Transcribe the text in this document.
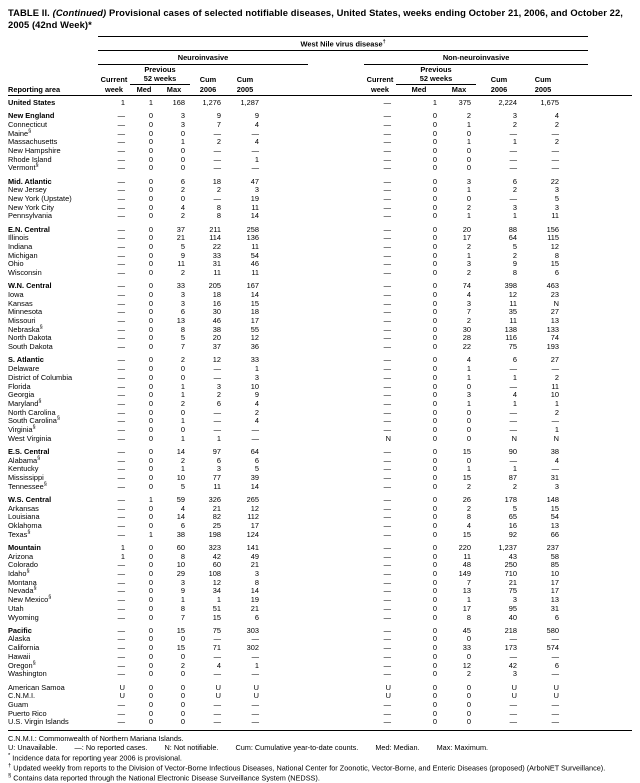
TABLE II. (Continued) Provisional cases of selected notifiable diseases, United States, weeks ending October 21, 2006, and October 22, 2005 (42nd Week)*
	West Nile virus disease†	
	Neuroinvasive							Non-neuroinvasive						
		Previous							Previous					
	Current	52 weeks		Cum	Cum			Current	52 weeks		Cum	Cum		
Reporting area	week	Med	Max	2006	2005			week	Med	Max	2006	2005		
United States	1	1	168	1,276	1,287			—	1	375	2,224	1,675		
New England	—	0	3	9	9			—	0	2	3	4		
Connecticut	—	0	3	7	4			—	0	1	2	2		
Maine§	—	0	0	—	—			—	0	0	—	—		
Massachusetts	—	0	1	2	4			—	0	1	1	2		
New Hampshire	—	0	0	—	—			—	0	0	—	—		
Rhode Island	—	0	0	—	1			—	0	0	—	—		
Vermont§	—	0	0	—	—			—	0	0	—	—		
Mid. Atlantic	—	0	6	18	47			—	0	3	6	22		
New Jersey	—	0	2	2	3			—	0	1	2	3		
New York (Upstate)	—	0	0	—	19			—	0	0	—	5		
New York City	—	0	4	8	11			—	0	2	3	3		
Pennsylvania	—	0	2	8	14			—	0	1	1	11		
E.N. Central	—	0	37	211	258			—	0	20	88	156		
Illinois	—	0	21	114	136			—	0	17	64	115		
Indiana	—	0	5	22	11			—	0	2	5	12		
Michigan	—	0	9	33	54			—	0	1	2	8		
Ohio	—	0	11	31	46			—	0	3	9	15		
Wisconsin	—	0	2	11	11			—	0	2	8	6		
W.N. Central	—	0	33	205	167			—	0	74	398	463		
Iowa	—	0	3	18	14			—	0	4	12	23		
Kansas	—	0	3	16	15			—	0	3	11	N		
Minnesota	—	0	6	30	18			—	0	7	35	27		
Missouri	—	0	13	46	17			—	0	2	11	13		
Nebraska§	—	0	8	38	55			—	0	30	138	133		
North Dakota	—	0	5	20	12			—	0	28	116	74		
South Dakota	—	0	7	37	36			—	0	22	75	193		
S. Atlantic	—	0	2	12	33			—	0	4	6	27		
Delaware	—	0	0	—	1			—	0	1	—	—		
District of Columbia	—	0	0	—	3			—	0	1	1	2		
Florida	—	0	1	3	10			—	0	0	—	11		
Georgia	—	0	1	2	9			—	0	3	4	10		
Maryland§	—	0	2	6	4			—	0	1	1	1		
North Carolina	—	0	0	—	2			—	0	0	—	2		
South Carolina§	—	0	1	—	4			—	0	0	—	—		
Virginia§	—	0	0	—	—			—	0	0	—	1		
West Virginia	—	0	1	1	—			N	0	0	N	N		
E.S. Central	—	0	14	97	64			—	0	15	90	38		
Alabama§	—	0	2	6	6			—	0	0	—	4		
Kentucky	—	0	1	3	5			—	0	1	1	—		
Mississippi	—	0	10	77	39			—	0	15	87	31		
Tennessee§	—	0	5	11	14			—	0	2	2	3		
W.S. Central	—	1	59	326	265			—	0	26	178	148		
Arkansas	—	0	4	21	12			—	0	2	5	15		
Louisiana	—	0	14	82	112			—	0	8	65	54		
Oklahoma	—	0	6	25	17			—	0	4	16	13		
Texas§	—	1	38	198	124			—	0	15	92	66		
Mountain	1	0	60	323	141			—	0	220	1,237	237		
Arizona	1	0	8	42	49			—	0	11	43	58		
Colorado	—	0	10	60	21			—	0	48	250	85		
Idaho§	—	0	29	108	3			—	0	149	710	10		
Montana	—	0	3	12	8			—	0	7	21	17		
Nevada§	—	0	9	34	14			—	0	13	75	17		
New Mexico§	—	0	1	1	19			—	0	1	3	13		
Utah	—	0	8	51	21			—	0	17	95	31		
Wyoming	—	0	7	15	6			—	0	8	40	6		
Pacific	—	0	15	75	303			—	0	45	218	580		
Alaska	—	0	0	—	—			—	0	0	—	—		
California	—	0	15	71	302			—	0	33	173	574		
Hawaii	—	0	0	—	—			—	0	0	—	—		
Oregon§	—	0	2	4	1			—	0	12	42	6		
Washington	—	0	0	—	—			—	0	2	3	—		
American Samoa	U	0	0	U	U			U	0	0	U	U		
C.N.M.I.	U	0	0	U	U			U	0	0	U	U		
Guam	—	0	0	—	—			—	0	0	—	—		
Puerto Rico	—	0	0	—	—			—	0	0	—	—		
U.S. Virgin Islands	—	0	0	—	—			—	0	0	—	—		

C.N.M.I.: Commonwealth of Northern Mariana Islands.

U: Unavailable. —: No reported cases. N: Not notifiable. Cum: Cumulative year-to-date counts. Med: Median. Max: Maximum.

* Incidence data for reporting year 2006 is provisional.

† Updated weekly from reports to the Division of Vector-Borne Infectious Diseases, National Center for Zoonotic, Vector-Borne, and Enteric Diseases (proposed) (ArboNET Surveillance).

§ Contains data reported through the National Electronic Disease Surveillance System (NEDSS).
